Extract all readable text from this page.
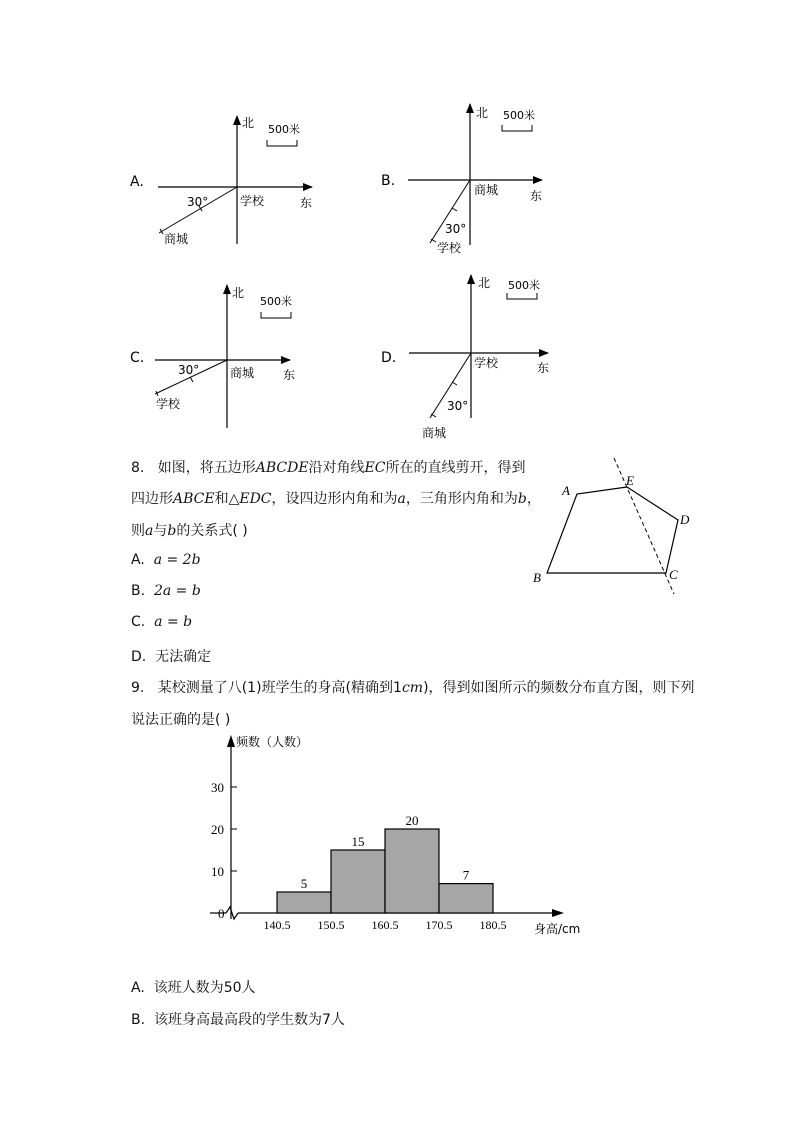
A.
北
东
500米
30°	学校
商城
B.
北
东
500米
30°
商城
学校
C.
北
东
500米
30°	商城
学校
D.
北
东
500米
30°
学校
商城
8. 如图，将五边形ABCDE沿对角线EC所在的直线剪开，得到
四边形ABCE和△EDC，设四边形内角和为a，三角形内角和为b，
则a与b的关系式( )
A. a = 2b
B. 2a = b
C. a = b
D. 无法确定
A
B	C
D
E
9. 某校测量了八(1)班学生的身高(精确到1cm)，得到如图所示的频数分布直方图，则下列
说法正确的是( )
频数（人数）
身高/cm
0
10
20
30
5
15
20
7
140.5 150.5 160.5 170.5 180.5
A. 该班人数为50人
B. 该班身高最高段的学生数为7人
